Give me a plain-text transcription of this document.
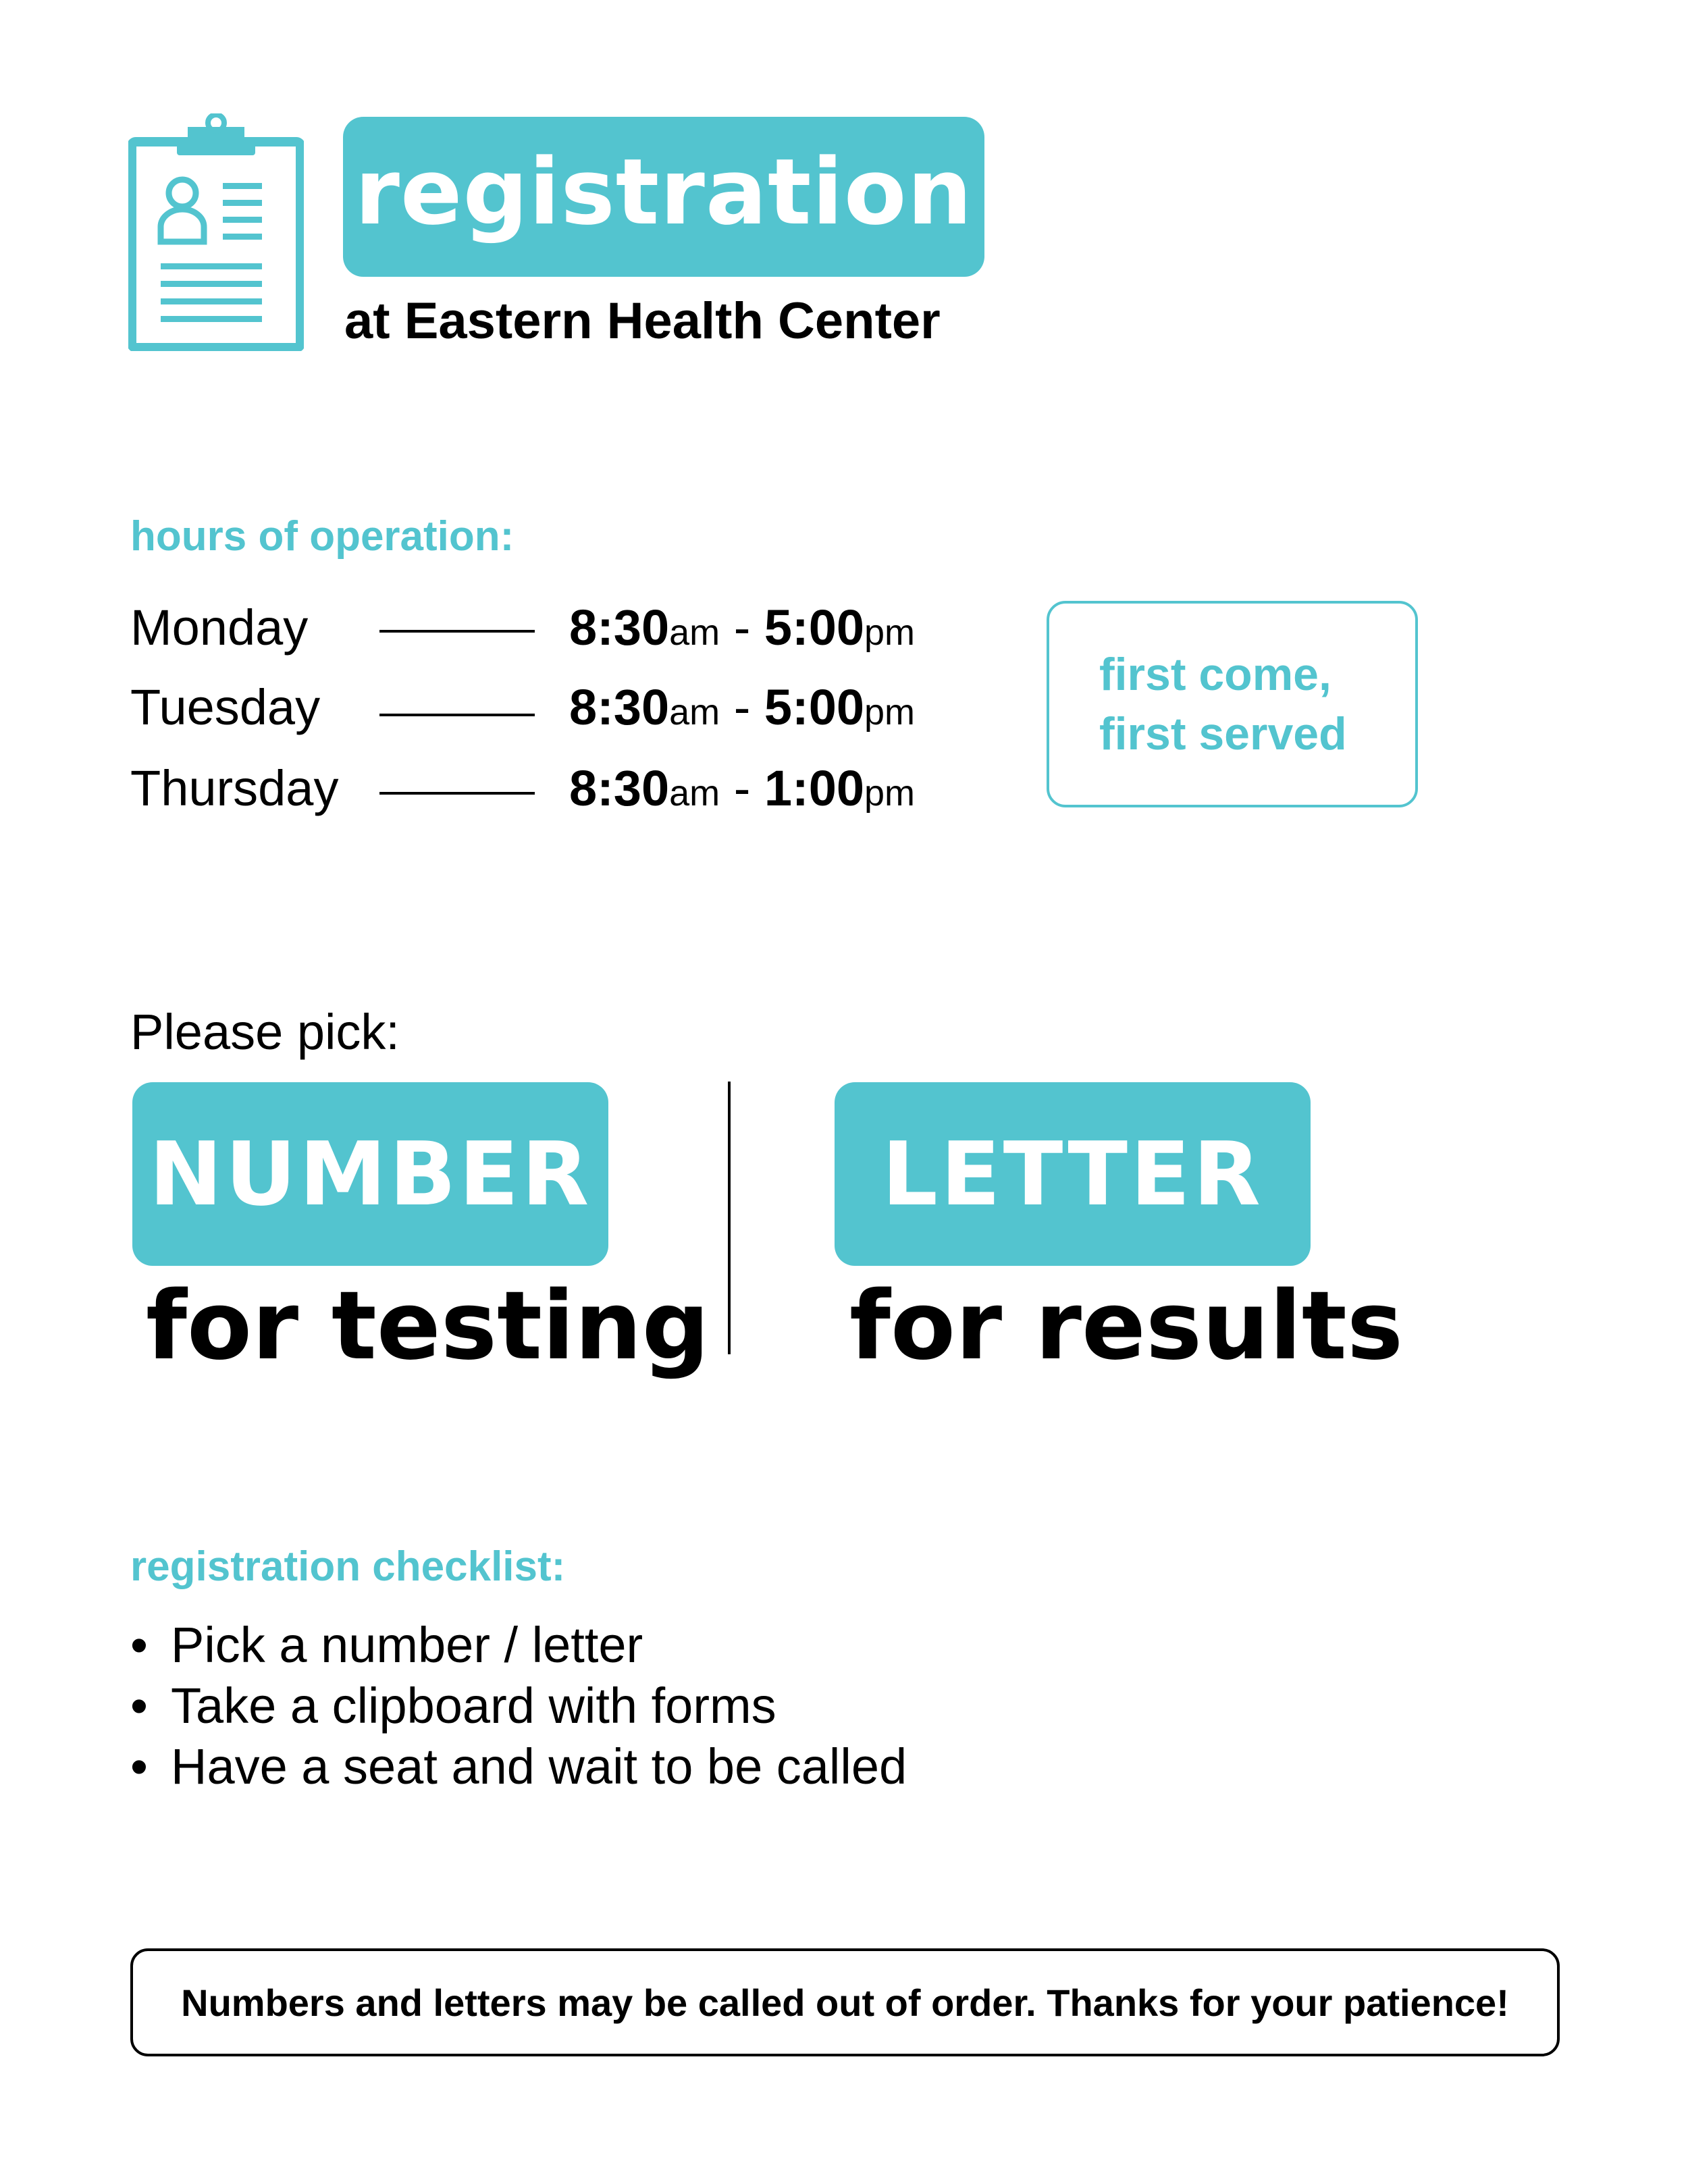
registration
at Eastern Health Center
hours of operation:
Monday	8:30am - 5:00pm
Tuesday	8:30am - 5:00pm
Thursday	8:30am - 1:00pm
first come,
first served
Please pick:
NUMBER
for testing
LETTER
for results
registration checklist:
• Pick a number / letter
• Take a clipboard with forms
• Have a seat and wait to be called
Numbers and letters may be called out of order. Thanks for your patience!
